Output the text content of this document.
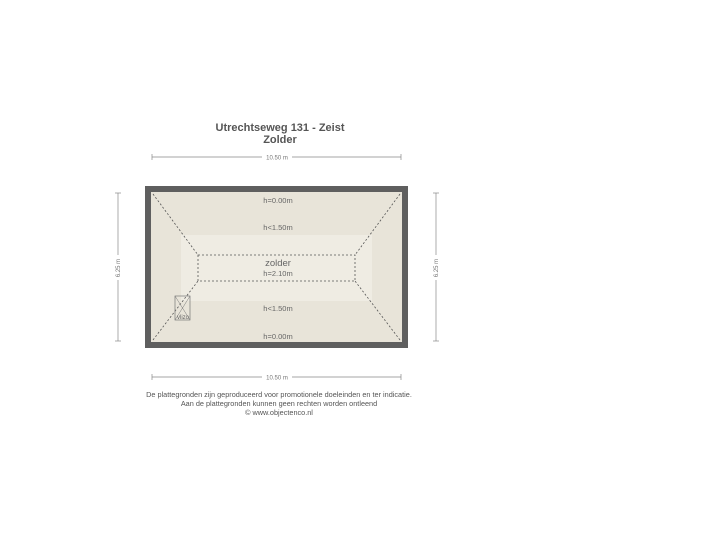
Utrechtseweg 131 - Zeist
Zolder
10.50 m
10.50 m
6.25 m	6.25 m
vlizo
h=0.00m
h<1.50m
zolder
h=2.10m
h<1.50m
h=0.00m
De plattegronden zijn geproduceerd voor promotionele doeleinden en ter indicatie.
Aan de plattegronden kunnen geen rechten worden ontleend
© www.objectenco.nl
